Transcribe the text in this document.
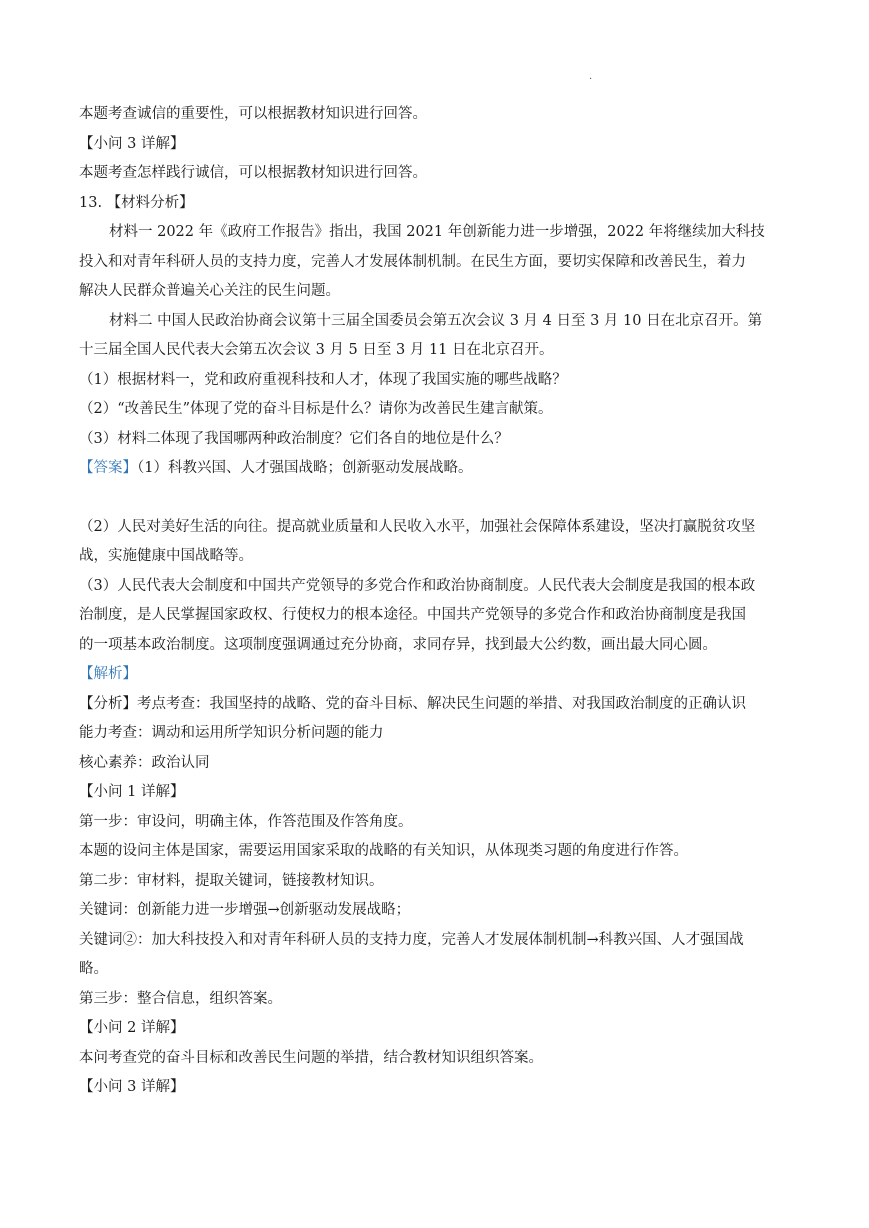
·
本题考查诚信的重要性，可以根据教材知识进行回答。
【小问 3 详解】
本题考查怎样践行诚信，可以根据教材知识进行回答。
13. 【材料分析】
材料一 2022 年《政府工作报告》指出，我国 2021 年创新能力进一步增强，2022 年将继续加大科技
投入和对青年科研人员的支持力度，完善人才发展体制机制。在民生方面，要切实保障和改善民生，着力
解决人民群众普遍关心关注的民生问题。
材料二 中国人民政治协商会议第十三届全国委员会第五次会议 3 月 4 日至 3 月 10 日在北京召开。第
十三届全国人民代表大会第五次会议 3 月 5 日至 3 月 11 日在北京召开。
（1）根据材料一，党和政府重视科技和人才，体现了我国实施的哪些战略？
（2）“改善民生”体现了党的奋斗目标是什么？请你为改善民生建言献策。
（3）材料二体现了我国哪两种政治制度？它们各自的地位是什么？
【答案】（1）科教兴国、人才强国战略；创新驱动发展战略。
（2）人民对美好生活的向往。提高就业质量和人民收入水平，加强社会保障体系建设，坚决打赢脱贫攻坚
战，实施健康中国战略等。
（3）人民代表大会制度和中国共产党领导的多党合作和政治协商制度。人民代表大会制度是我国的根本政
治制度，是人民掌握国家政权、行使权力的根本途径。中国共产党领导的多党合作和政治协商制度是我国
的一项基本政治制度。这项制度强调通过充分协商，求同存异，找到最大公约数，画出最大同心圆。
【解析】
【分析】考点考查：我国坚持的战略、党的奋斗目标、解决民生问题的举措、对我国政治制度的正确认识
能力考查：调动和运用所学知识分析问题的能力
核心素养：政治认同
【小问 1 详解】
第一步：审设问，明确主体，作答范围及作答角度。
本题的设问主体是国家，需要运用国家采取的战略的有关知识，从体现类习题的角度进行作答。
第二步：审材料，提取关键词，链接教材知识。
关键词：创新能力进一步增强→创新驱动发展战略；
关键词②：加大科技投入和对青年科研人员的支持力度，完善人才发展体制机制→科教兴国、人才强国战
略。
第三步：整合信息，组织答案。
【小问 2 详解】
本问考查党的奋斗目标和改善民生问题的举措，结合教材知识组织答案。
【小问 3 详解】
